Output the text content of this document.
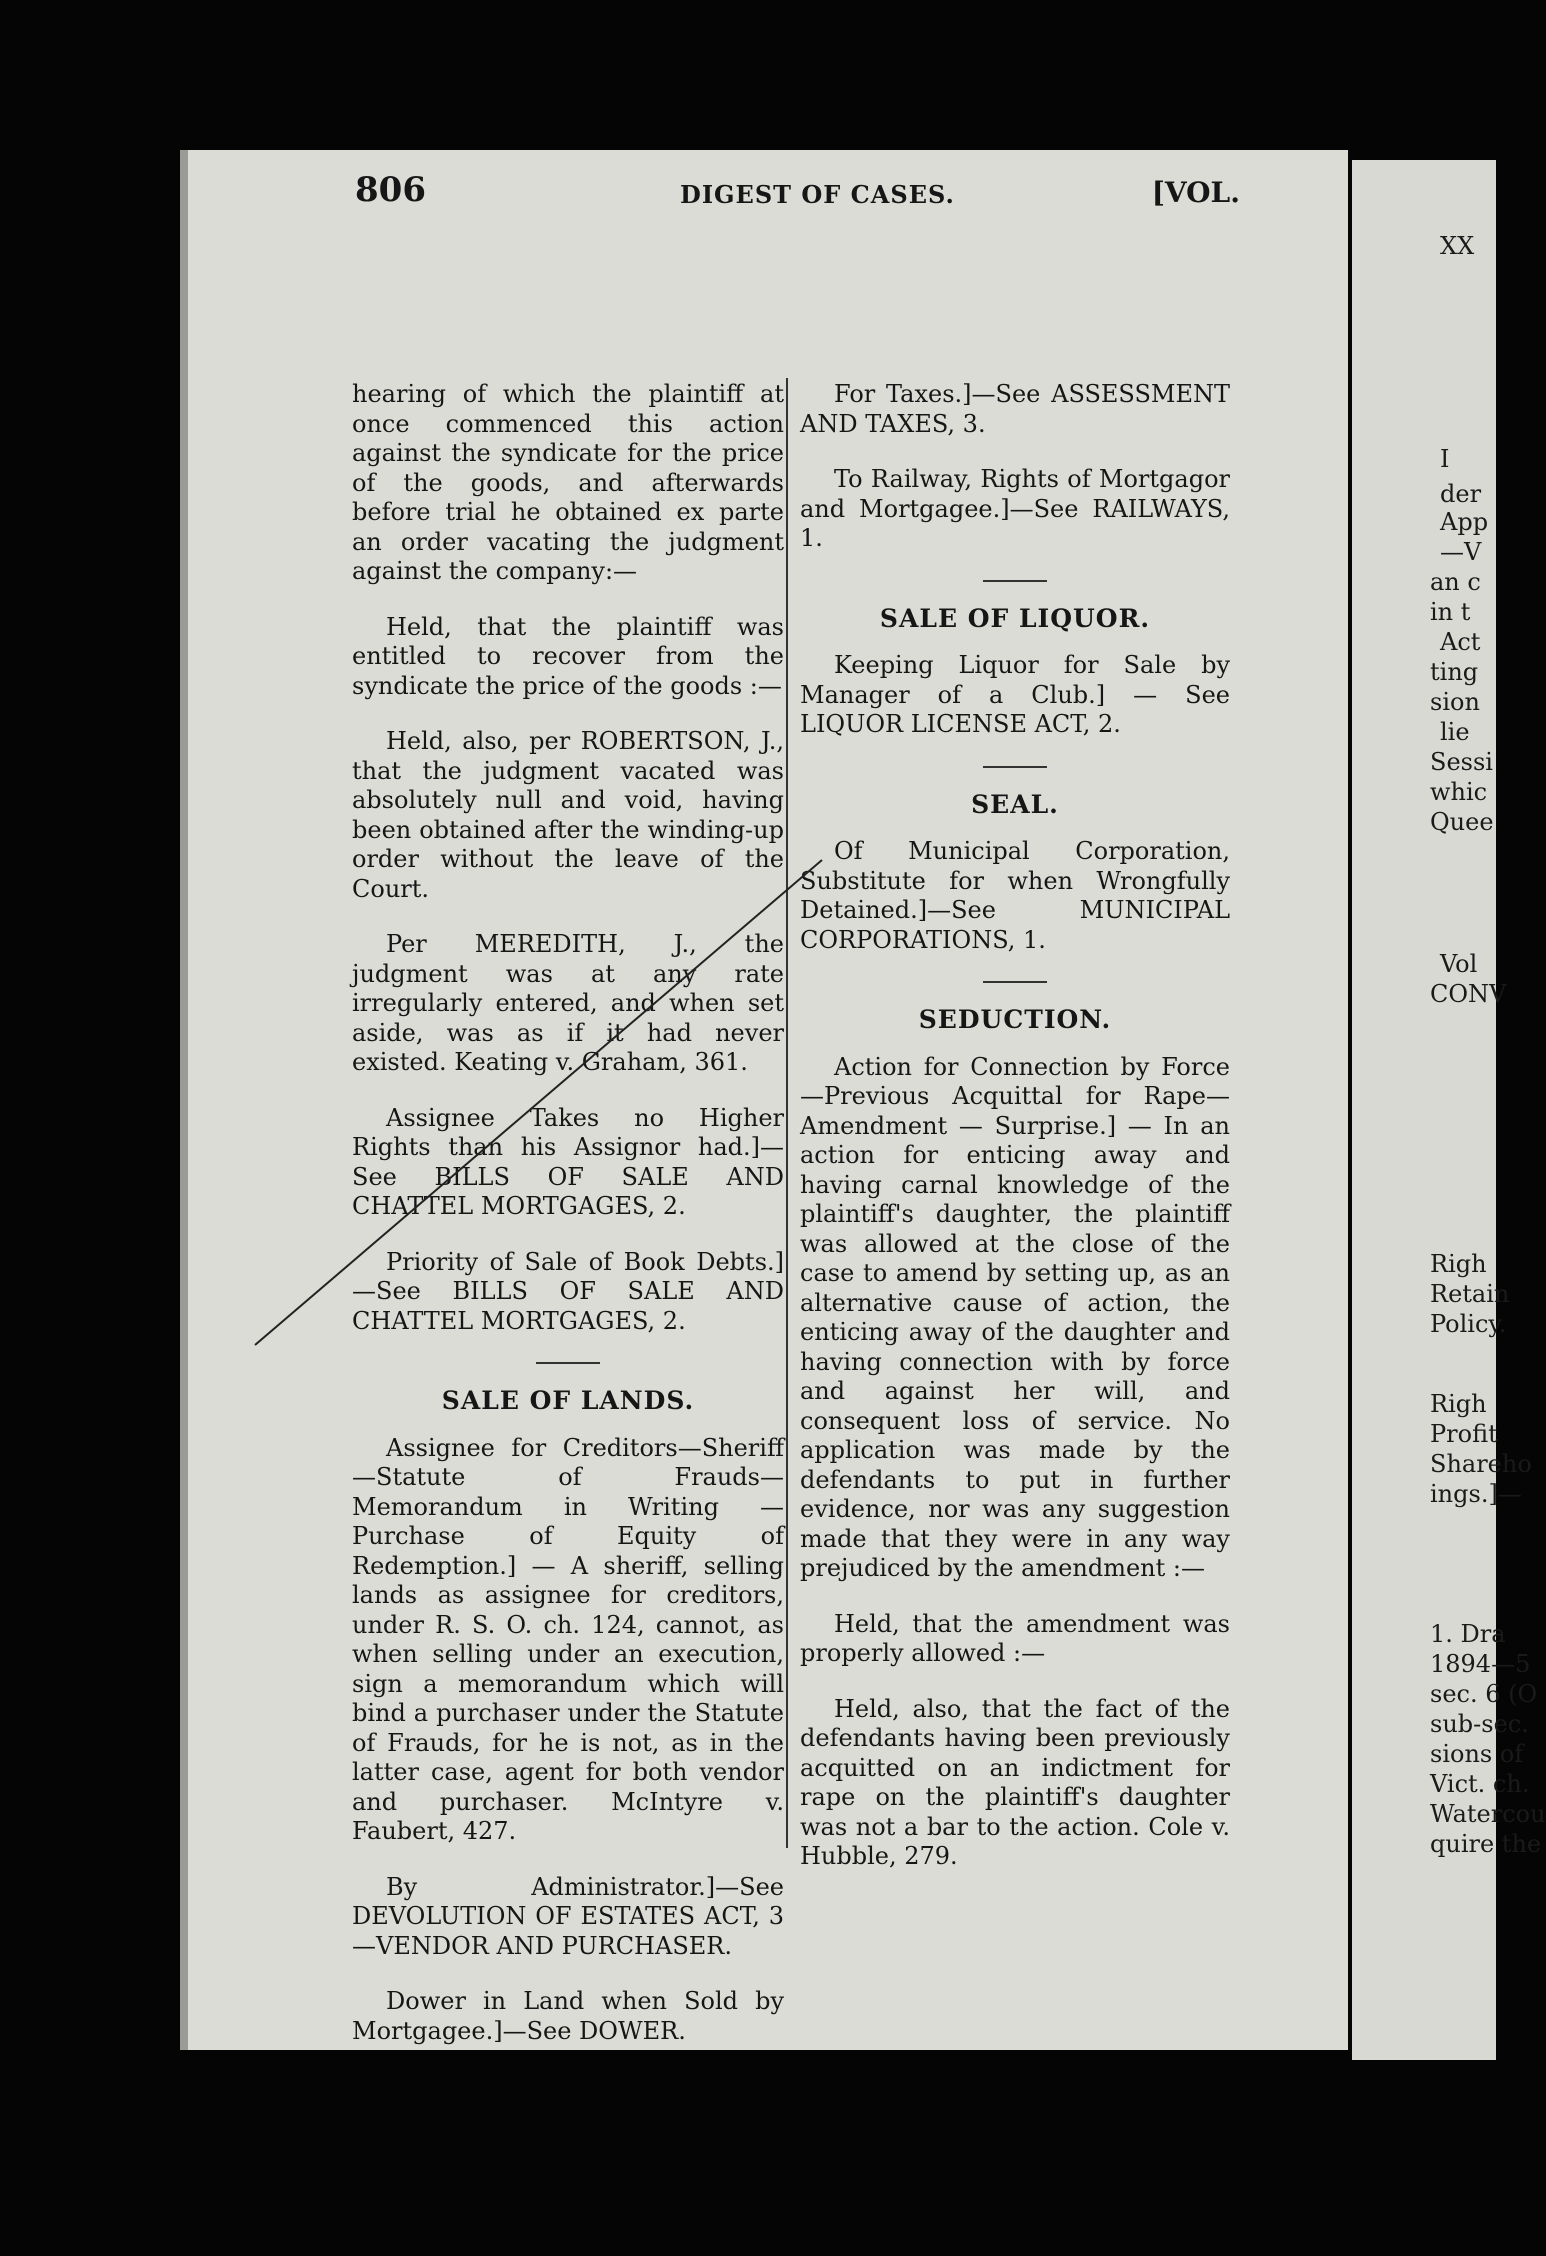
806	DIGEST OF CASES.	[VOL.

hearing of which the plaintiff at once commenced this action against the syndicate for the price of the goods, and afterwards before trial he obtained ex parte an order vacating the judgment against the company:—

Held, that the plaintiff was entitled to recover from the syndicate the price of the goods :—

Held, also, per ROBERTSON, J., that the judgment vacated was absolutely null and void, having been obtained after the winding-up order without the leave of the Court.

Per MEREDITH, J., the judgment was at any rate irregularly entered, and when set aside, was as if it had never existed. Keating v. Graham, 361.

Assignee Takes no Higher Rights than his Assignor had.]—See BILLS OF SALE AND CHATTEL MORTGAGES, 2.

Priority of Sale of Book Debts.]—See BILLS OF SALE AND CHATTEL MORTGAGES, 2.

SALE OF LANDS.

Assignee for Creditors—Sheriff—Statute of Frauds—Memorandum in Writing — Purchase of Equity of Redemption.] — A sheriff, selling lands as assignee for creditors, under R. S. O. ch. 124, cannot, as when selling under an execution, sign a memorandum which will bind a purchaser under the Statute of Frauds, for he is not, as in the latter case, agent for both vendor and purchaser. McIntyre v. Faubert, 427.

By Administrator.]—See DEVOLUTION OF ESTATES ACT, 3—VENDOR AND PURCHASER.

Dower in Land when Sold by Mortgagee.]—See DOWER.

For Taxes.]—See ASSESSMENT AND TAXES, 3.

To Railway, Rights of Mortgagor and Mortgagee.]—See RAILWAYS, 1.

SALE OF LIQUOR.

Keeping Liquor for Sale by Manager of a Club.] — See LIQUOR LICENSE ACT, 2.

SEAL.

Of Municipal Corporation, Substitute for when Wrongfully Detained.]—See MUNICIPAL CORPORATIONS, 1.

SEDUCTION.

Action for Connection by Force—Previous Acquittal for Rape—Amendment — Surprise.] — In an action for enticing away and having carnal knowledge of the plaintiff's daughter, the plaintiff was allowed at the close of the case to amend by setting up, as an alternative cause of action, the enticing away of the daughter and having connection with by force and against her will, and consequent loss of service. No application was made by the defendants to put in further evidence, nor was any suggestion made that they were in any way prejudiced by the amendment :—

Held, that the amendment was properly allowed :—

Held, also, that the fact of the defendants having been previously acquitted on an indictment for rape on the plaintiff's daughter was not a bar to the action. Cole v. Hubble, 279.

XX
I
der
App
—V
an c
in t
Act
ting
sion
lie
Sessi
whic
Quee
Vol
CONV
Righ
Retain
Policy.
Righ
Profit
Shareho
ings.]—
1. Dra
1894—5
sec. 6 (O
sub-sec.
sions of
Vict. ch.
Watercou
quire the
